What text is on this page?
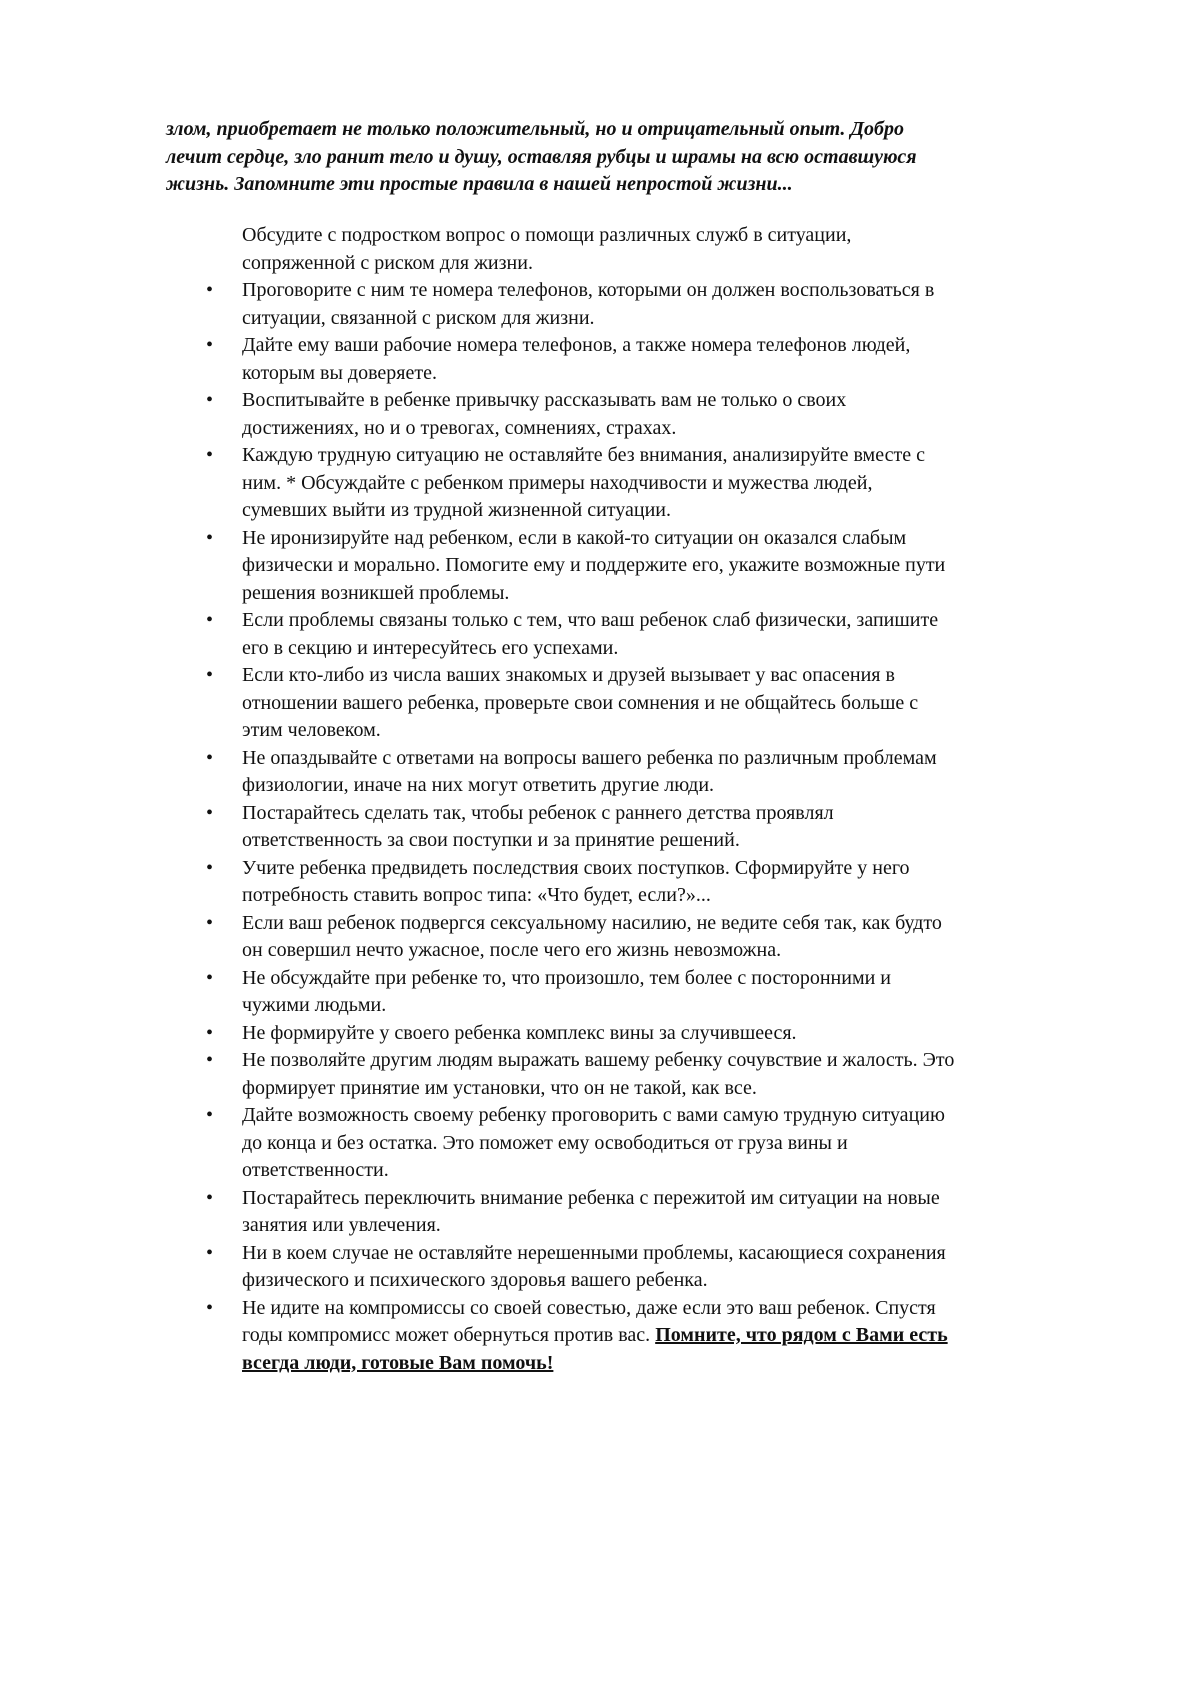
злом, приобретает не только положительный, но и отрицательный опыт. Добро
лечит сердце, зло ранит тело и душу, оставляя рубцы и шрамы на всю оставшуюся
жизнь. Запомните эти простые правила в нашей непростой жизни...

Обсудите с подростком вопрос о помощи различных служб в ситуации,
сопряженной с риском для жизни.
•	Проговорите с ним те номера телефонов, которыми он должен воспользоваться в
ситуации, связанной с риском для жизни.
•	Дайте ему ваши рабочие номера телефонов, а также номера телефонов людей,
которым вы доверяете.
•	Воспитывайте в ребенке привычку рассказывать вам не только о своих
достижениях, но и о тревогах, сомнениях, страхах.
•	Каждую трудную ситуацию не оставляйте без внимания, анализируйте вместе с
ним. * Обсуждайте с ребенком примеры находчивости и мужества людей,
сумевших выйти из трудной жизненной ситуации.
•	Не иронизируйте над ребенком, если в какой-то ситуации он оказался слабым
физически и морально. Помогите ему и поддержите его, укажите возможные пути
решения возникшей проблемы.
•	Если проблемы связаны только с тем, что ваш ребенок слаб физически, запишите
его в секцию и интересуйтесь его успехами.
•	Если кто-либо из числа ваших знакомых и друзей вызывает у вас опасения в
отношении вашего ребенка, проверьте свои сомнения и не общайтесь больше с
этим человеком.
•	Не опаздывайте с ответами на вопросы вашего ребенка по различным проблемам
физиологии, иначе на них могут ответить другие люди.
•	Постарайтесь сделать так, чтобы ребенок с раннего детства проявлял
ответственность за свои поступки и за принятие решений.
•	Учите ребенка предвидеть последствия своих поступков. Сформируйте у него
потребность ставить вопрос типа: «Что будет, если?»...
•	Если ваш ребенок подвергся сексуальному насилию, не ведите себя так, как будто
он совершил нечто ужасное, после чего его жизнь невозможна.
•	Не обсуждайте при ребенке то, что произошло, тем более с посторонними и
чужими людьми.
•	Не формируйте у своего ребенка комплекс вины за случившееся.
•	Не позволяйте другим людям выражать вашему ребенку сочувствие и жалость. Это
формирует принятие им установки, что он не такой, как все.
•	Дайте возможность своему ребенку проговорить с вами самую трудную ситуацию
до конца и без остатка. Это поможет ему освободиться от груза вины и
ответственности.
•	Постарайтесь переключить внимание ребенка с пережитой им ситуации на новые
занятия или увлечения.
•	Ни в коем случае не оставляйте нерешенными проблемы, касающиеся сохранения
физического и психического здоровья вашего ребенка.
•	Не идите на компромиссы со своей совестью, даже если это ваш ребенок. Спустя
годы компромисс может обернуться против вас. Помните, что рядом с Вами есть
всегда люди, готовые Вам помочь!
